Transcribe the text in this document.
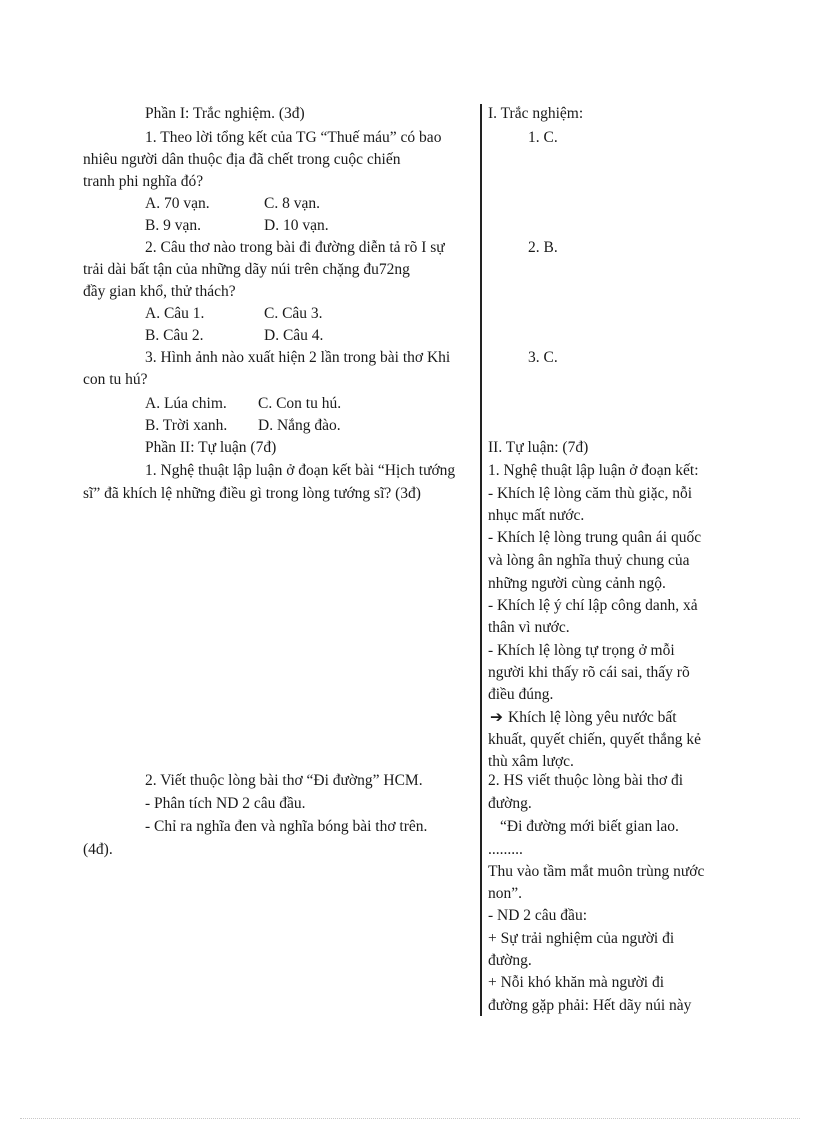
Phần I: Trắc nghiệm. (3đ)
1. Theo lời tổng kết của TG “Thuế máu” có bao
nhiêu người dân thuộc địa đã chết trong cuộc chiến
tranh phi nghĩa đó?
A. 70 vạn.	C. 8 vạn.
B. 9 vạn.	D. 10 vạn.
2. Câu thơ nào trong bài đi đường diễn tả rõ I sự
trải dài bất tận của những dãy núi trên chặng đu72ng
đầy gian khổ, thử thách?
A. Câu 1.	C. Câu 3.
B. Câu 2.	D. Câu 4.
3. Hình ảnh nào xuất hiện 2 lần trong bài thơ Khi
con tu hú?
A. Lúa chim. C. Con tu hú.
B. Trời xanh. D. Nắng đào.
Phần II: Tự luận (7đ)
1. Nghệ thuật lập luận ở đoạn kết bài “Hịch tướng
sĩ” đã khích lệ những điều gì trong lòng tướng sĩ? (3đ)
2. Viết thuộc lòng bài thơ “Đi đường” HCM.
- Phân tích ND 2 câu đầu.
- Chỉ ra nghĩa đen và nghĩa bóng bài thơ trên.
(4đ).
I. Trắc nghiệm:
1. C.
2. B.
3. C.
II. Tự luận: (7đ)
1. Nghệ thuật lập luận ở đoạn kết:
- Khích lệ lòng căm thù giặc, nỗi
nhục mất nước.
- Khích lệ lòng trung quân ái quốc
và lòng ân nghĩa thuỷ chung của
những người cùng cảnh ngộ.
- Khích lệ ý chí lập công danh, xả
thân vì nước.
- Khích lệ lòng tự trọng ở mỗi
người khi thấy rõ cái sai, thấy rõ
điều đúng.
➔ Khích lệ lòng yêu nước bất
khuất, quyết chiến, quyết thắng kẻ
thù xâm lược.
2. HS viết thuộc lòng bài thơ đi
đường.
“Đi đường mới biết gian lao.
.........
Thu vào tầm mắt muôn trùng nước
non”.
- ND 2 câu đầu:
+ Sự trải nghiệm của người đi
đường.
+ Nỗi khó khăn mà người đi
đường gặp phải: Hết dãy núi này
